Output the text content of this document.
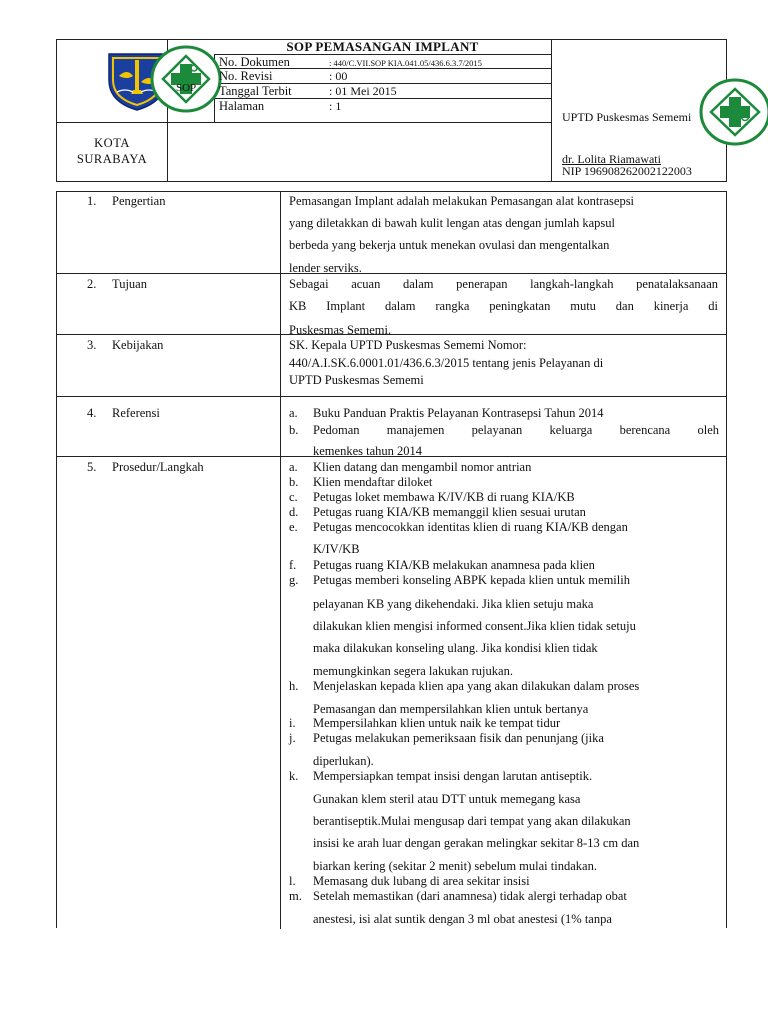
SOP
SOP PEMASANGAN IMPLANT
No. Dokumen	: 440/C.VII.SOP KIA.041.05/436.6.3.7/2015
No. Revisi	: 00
Tanggal Terbit	: 01 Mei 2015
Halaman	: 1
KOTA
SURABAYA
UPTD Puskesmas Sememi
dr. Lolita Riamawati
NIP 196908262002122003
1. Pengertian	Pemasangan Implant adalah melakukan Pemasangan alat kontrasepsi
yang diletakkan di bawah kulit lengan atas dengan jumlah kapsul
berbeda yang bekerja untuk menekan ovulasi dan mengentalkan
lender serviks.
2. Tujuan	Sebagai acuan dalam penerapan langkah-langkah penatalaksanaan
KB Implant dalam rangka peningkatan mutu dan kinerja di
Puskesmas Sememi.
3. Kebijakan	SK. Kepala UPTD Puskesmas Sememi Nomor:
440/A.I.SK.6.0001.01/436.6.3/2015 tentang jenis Pelayanan di
UPTD Puskesmas Sememi
4. Referensi	a. Buku Panduan Praktis Pelayanan Kontrasepsi Tahun 2014
b. Pedoman manajemen pelayanan keluarga berencana oleh
kemenkes tahun 2014
5. Prosedur/Langkah	a. Klien datang dan mengambil nomor antrian
b. Klien mendaftar diloket
c. Petugas loket membawa K/IV/KB di ruang KIA/KB
d. Petugas ruang KIA/KB memanggil klien sesuai urutan
e. Petugas mencocokkan identitas klien di ruang KIA/KB dengan
K/IV/KB
f. Petugas ruang KIA/KB melakukan anamnesa pada klien
g. Petugas memberi konseling ABPK kepada klien untuk memilih
pelayanan KB yang dikehendaki. Jika klien setuju maka
dilakukan klien mengisi informed consent.Jika klien tidak setuju
maka dilakukan konseling ulang. Jika kondisi klien tidak
memungkinkan segera lakukan rujukan.
h. Menjelaskan kepada klien apa yang akan dilakukan dalam proses
Pemasangan dan mempersilahkan klien untuk bertanya
i. Mempersilahkan klien untuk naik ke tempat tidur
j. Petugas melakukan pemeriksaan fisik dan penunjang (jika
diperlukan).
k. Mempersiapkan tempat insisi dengan larutan antiseptik.
Gunakan klem steril atau DTT untuk memegang kasa
berantiseptik.Mulai mengusap dari tempat yang akan dilakukan
insisi ke arah luar dengan gerakan melingkar sekitar 8-13 cm dan
biarkan kering (sekitar 2 menit) sebelum mulai tindakan.
l. Memasang duk lubang di area sekitar insisi
m. Setelah memastikan (dari anamnesa) tidak alergi terhadap obat
anestesi, isi alat suntik dengan 3 ml obat anestesi (1% tanpa
